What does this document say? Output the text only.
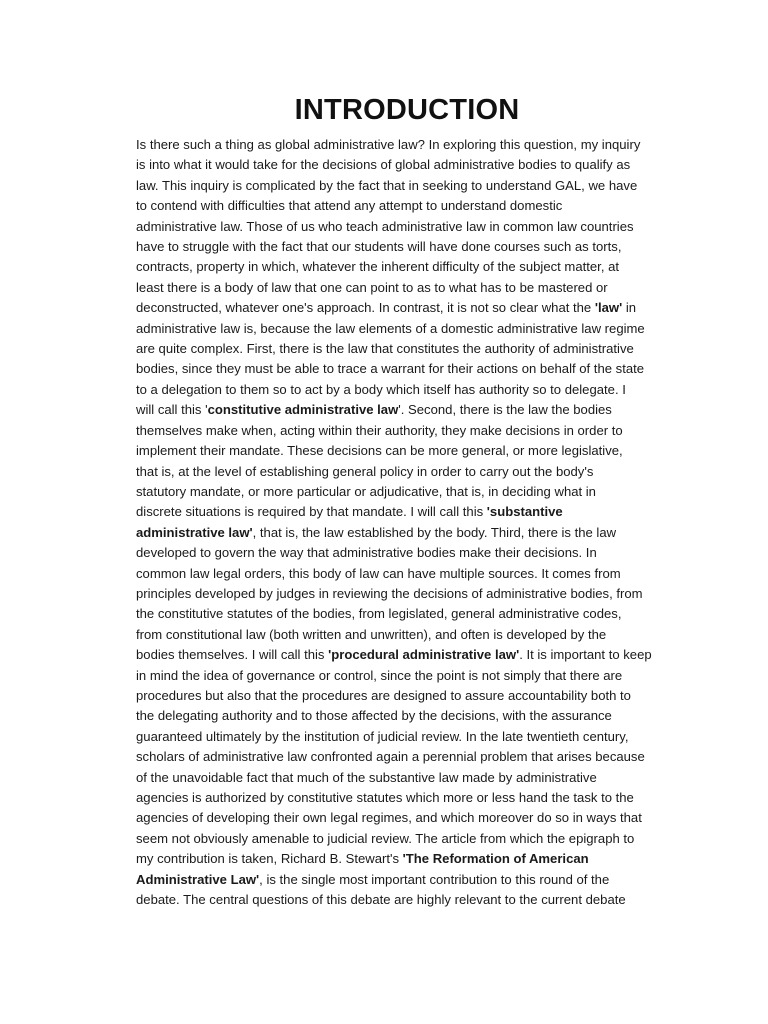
INTRODUCTION
Is there such a thing as global administrative law? In exploring this question, my inquiry
is into what it would take for the decisions of global administrative bodies to qualify as
law. This inquiry is complicated by the fact that in seeking to understand GAL, we have
to contend with difficulties that attend any attempt to understand domestic
administrative law. Those of us who teach administrative law in common law countries
have to struggle with the fact that our students will have done courses such as torts,
contracts, property in which, whatever the inherent difficulty of the subject matter, at
least there is a body of law that one can point to as to what has to be mastered or
deconstructed, whatever one's approach. In contrast, it is not so clear what the 'law' in
administrative law is, because the law elements of a domestic administrative law regime
are quite complex. First, there is the law that constitutes the authority of administrative
bodies, since they must be able to trace a warrant for their actions on behalf of the state
to a delegation to them so to act by a body which itself has authority so to delegate. I
will call this 'constitutive administrative law'. Second, there is the law the bodies
themselves make when, acting within their authority, they make decisions in order to
implement their mandate. These decisions can be more general, or more legislative,
that is, at the level of establishing general policy in order to carry out the body's
statutory mandate, or more particular or adjudicative, that is, in deciding what in
discrete situations is required by that mandate. I will call this 'substantive
administrative law', that is, the law established by the body. Third, there is the law
developed to govern the way that administrative bodies make their decisions. In
common law legal orders, this body of law can have multiple sources. It comes from
principles developed by judges in reviewing the decisions of administrative bodies, from
the constitutive statutes of the bodies, from legislated, general administrative codes,
from constitutional law (both written and unwritten), and often is developed by the
bodies themselves. I will call this 'procedural administrative law'. It is important to keep
in mind the idea of governance or control, since the point is not simply that there are
procedures but also that the procedures are designed to assure accountability both to
the delegating authority and to those affected by the decisions, with the assurance
guaranteed ultimately by the institution of judicial review. In the late twentieth century,
scholars of administrative law confronted again a perennial problem that arises because
of the unavoidable fact that much of the substantive law made by administrative
agencies is authorized by constitutive statutes which more or less hand the task to the
agencies of developing their own legal regimes, and which moreover do so in ways that
seem not obviously amenable to judicial review. The article from which the epigraph to
my contribution is taken, Richard B. Stewart's 'The Reformation of American
Administrative Law', is the single most important contribution to this round of the
debate. The central questions of this debate are highly relevant to the current debate
